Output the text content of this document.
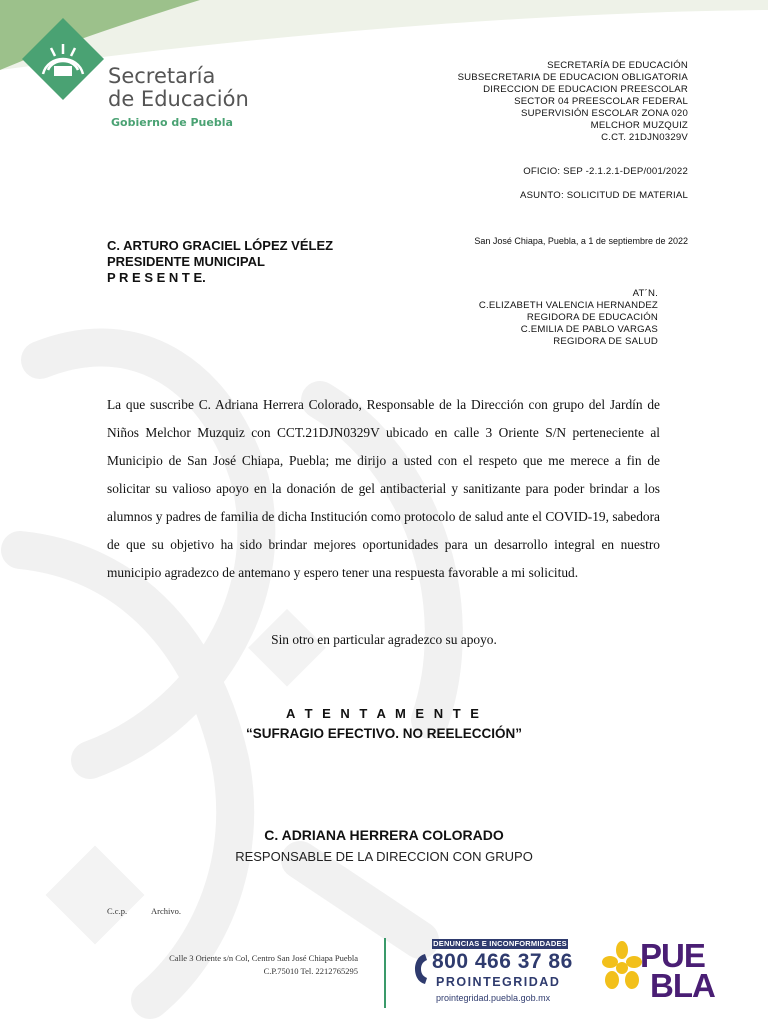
Secretaría
de Educación
Gobierno de Puebla
SECRETARÍA DE EDUCACIÓN
SUBSECRETARIA DE EDUCACION OBLIGATORIA
DIRECCION DE EDUCACION PREESCOLAR
SECTOR 04 PREESCOLAR FEDERAL
SUPERVISIÓN ESCOLAR ZONA 020
MELCHOR MUZQUIZ
C.CT. 21DJN0329V
OFICIO: SEP -2.1.2.1-DEP/001/2022
ASUNTO: SOLICITUD DE MATERIAL
San José Chiapa, Puebla, a 1 de septiembre de 2022
C. ARTURO GRACIEL LÓPEZ VÉLEZ
PRESIDENTE MUNICIPAL
P R E S E N T E.
AT´N.
C.ELIZABETH VALENCIA HERNANDEZ
REGIDORA DE EDUCACIÓN
C.EMILIA DE PABLO VARGAS
REGIDORA DE SALUD
La que suscribe C. Adriana Herrera Colorado, Responsable de la Dirección con grupo del Jardín de Niños Melchor Muzquiz con CCT.21DJN0329V ubicado en calle 3 Oriente S/N perteneciente al Municipio de San José Chiapa, Puebla; me dirijo a usted con el respeto que me merece a fin de solicitar su valioso apoyo en la donación de gel antibacterial y sanitizante para poder brindar a los alumnos y padres de familia de dicha Institución como protocolo de salud ante el COVID-19, sabedora de que su objetivo ha sido brindar mejores oportunidades para un desarrollo integral en nuestro municipio agradezco de antemano y espero tener una respuesta favorable a mi solicitud.
Sin otro en particular agradezco su apoyo.
A T E N T A M E N T E
“SUFRAGIO EFECTIVO. NO REELECCIÓN”
C. ADRIANA HERRERA COLORADO
RESPONSABLE DE LA DIRECCION CON GRUPO
C.c.p.	Archivo.
Calle 3 Oriente s/n Col, Centro San José Chiapa Puebla
C.P.75010 Tel. 2212765295
DENUNCIAS E INCONFORMIDADES
800 466 37 86
PROINTEGRIDAD
prointegridad.puebla.gob.mx
PUE
BLA
